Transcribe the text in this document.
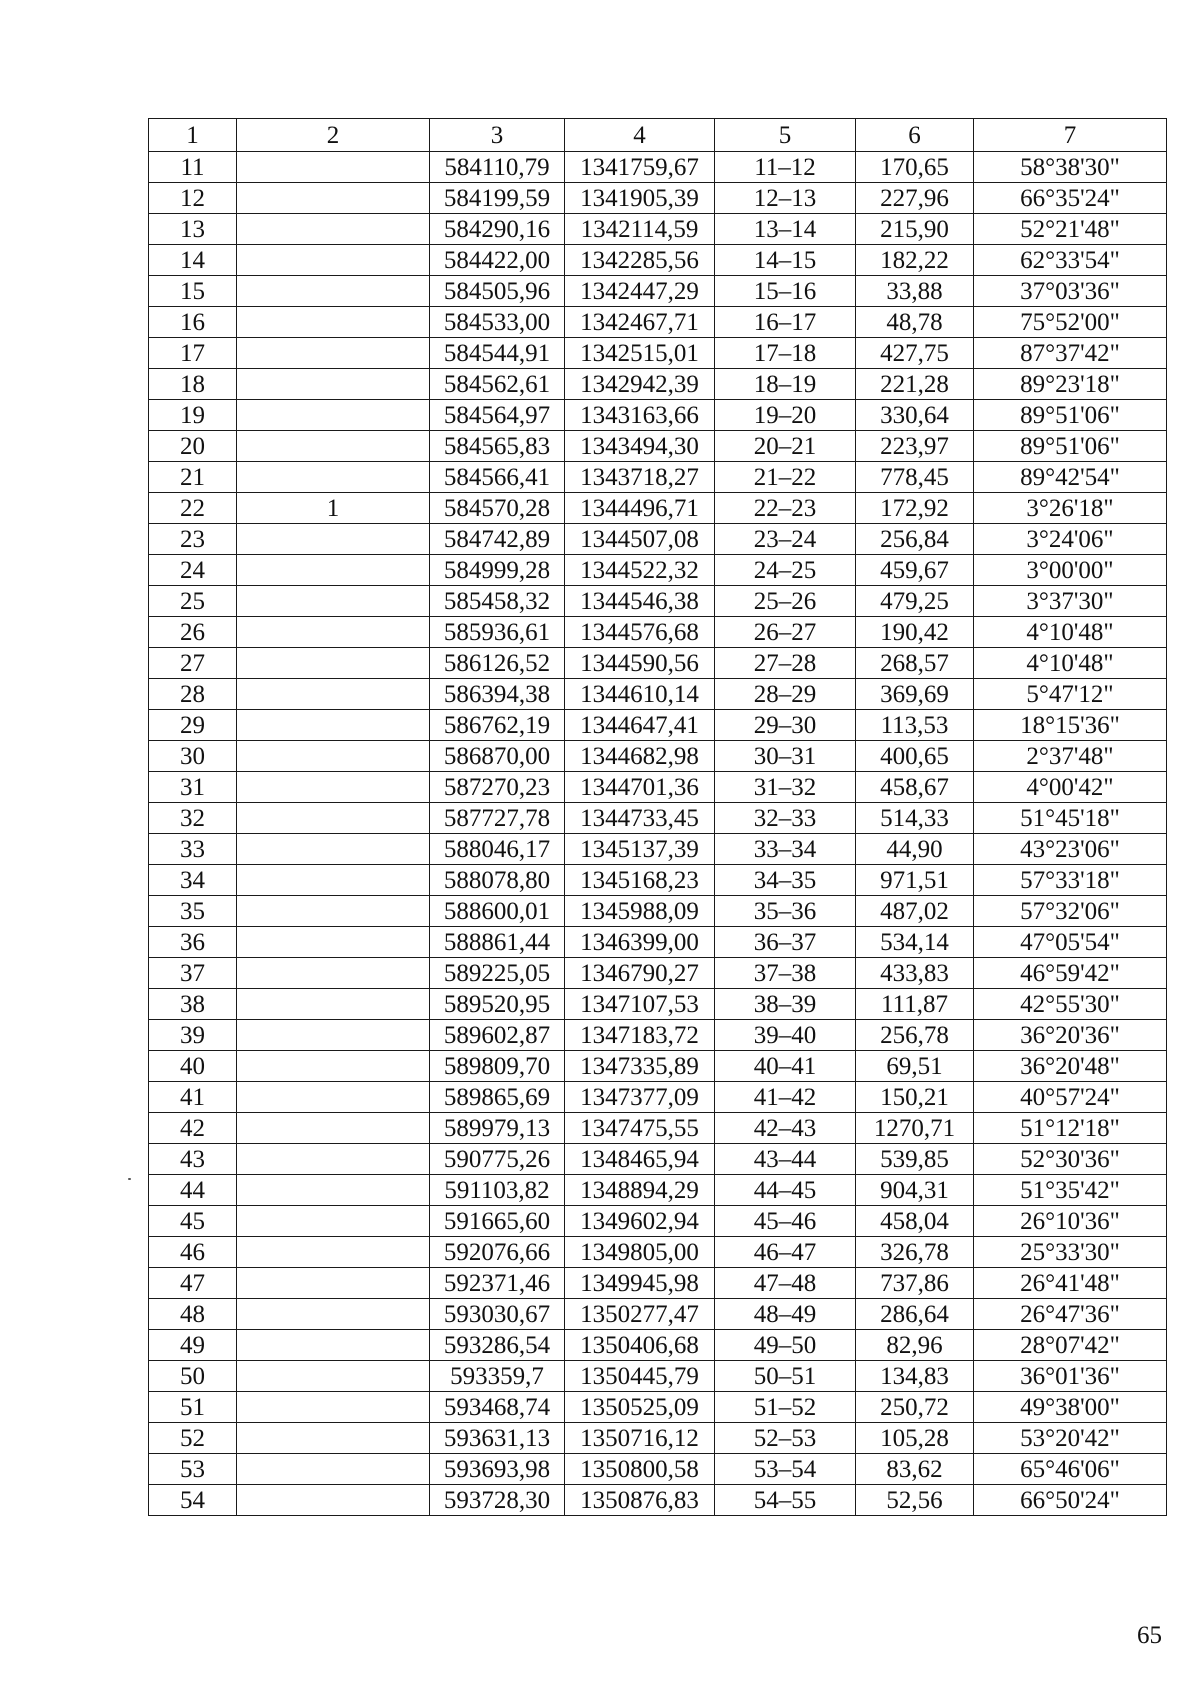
1	2	3	4	5	6	7
11		584110,79	1341759,67	11–12	170,65	58°38'30"
12		584199,59	1341905,39	12–13	227,96	66°35'24"
13		584290,16	1342114,59	13–14	215,90	52°21'48"
14		584422,00	1342285,56	14–15	182,22	62°33'54"
15		584505,96	1342447,29	15–16	33,88	37°03'36"
16		584533,00	1342467,71	16–17	48,78	75°52'00"
17		584544,91	1342515,01	17–18	427,75	87°37'42"
18		584562,61	1342942,39	18–19	221,28	89°23'18"
19		584564,97	1343163,66	19–20	330,64	89°51'06"
20		584565,83	1343494,30	20–21	223,97	89°51'06"
21		584566,41	1343718,27	21–22	778,45	89°42'54"
22	1	584570,28	1344496,71	22–23	172,92	3°26'18"
23		584742,89	1344507,08	23–24	256,84	3°24'06"
24		584999,28	1344522,32	24–25	459,67	3°00'00"
25		585458,32	1344546,38	25–26	479,25	3°37'30"
26		585936,61	1344576,68	26–27	190,42	4°10'48"
27		586126,52	1344590,56	27–28	268,57	4°10'48"
28		586394,38	1344610,14	28–29	369,69	5°47'12"
29		586762,19	1344647,41	29–30	113,53	18°15'36"
30		586870,00	1344682,98	30–31	400,65	2°37'48"
31		587270,23	1344701,36	31–32	458,67	4°00'42"
32		587727,78	1344733,45	32–33	514,33	51°45'18"
33		588046,17	1345137,39	33–34	44,90	43°23'06"
34		588078,80	1345168,23	34–35	971,51	57°33'18"
35		588600,01	1345988,09	35–36	487,02	57°32'06"
36		588861,44	1346399,00	36–37	534,14	47°05'54"
37		589225,05	1346790,27	37–38	433,83	46°59'42"
38		589520,95	1347107,53	38–39	111,87	42°55'30"
39		589602,87	1347183,72	39–40	256,78	36°20'36"
40		589809,70	1347335,89	40–41	69,51	36°20'48"
41		589865,69	1347377,09	41–42	150,21	40°57'24"
42		589979,13	1347475,55	42–43	1270,71	51°12'18"
43		590775,26	1348465,94	43–44	539,85	52°30'36"
44		591103,82	1348894,29	44–45	904,31	51°35'42"
45		591665,60	1349602,94	45–46	458,04	26°10'36"
46		592076,66	1349805,00	46–47	326,78	25°33'30"
47		592371,46	1349945,98	47–48	737,86	26°41'48"
48		593030,67	1350277,47	48–49	286,64	26°47'36"
49		593286,54	1350406,68	49–50	82,96	28°07'42"
50		593359,7	1350445,79	50–51	134,83	36°01'36"
51		593468,74	1350525,09	51–52	250,72	49°38'00"
52		593631,13	1350716,12	52–53	105,28	53°20'42"
53		593693,98	1350800,58	53–54	83,62	65°46'06"
54		593728,30	1350876,83	54–55	52,56	66°50'24"
65
